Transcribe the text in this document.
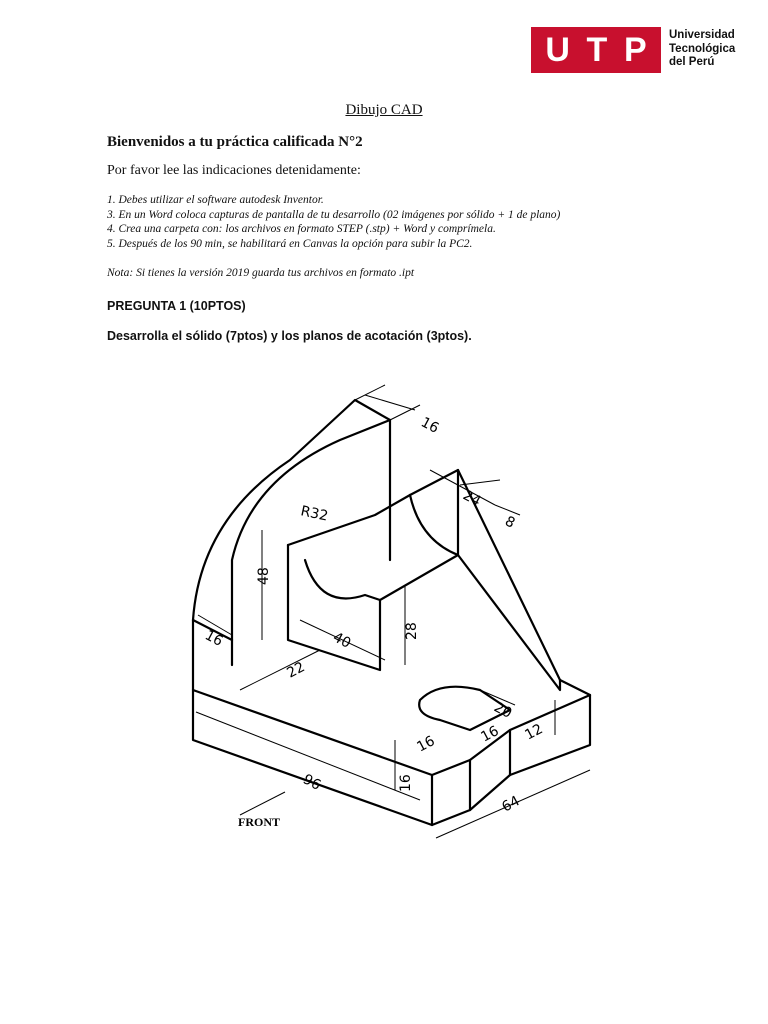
U T P Universidad
Tecnológica
del Perú
Dibujo CAD
Bienvenidos a tu práctica calificada N°2
Por favor lee las indicaciones detenidamente:
1. Debes utilizar el software autodesk Inventor.
3. En un Word coloca capturas de pantalla de tu desarrollo (02 imágenes por sólido + 1 de plano)
4. Crea una carpeta con: los archivos en formato STEP (.stp) + Word y comprímela.
5. Después de los 90 min, se habilitará en Canvas la opción para subir la PC2.
Nota: Si tienes la versión 2019 guarda tus archivos en formato .ipt
PREGUNTA 1 (10PTOS)
Desarrolla el sólido (7ptos) y los planos de acotación (3ptos).
16
24
8
R32
48
40	28
16
22
20
12
16	16
16
96
64
FRONT
